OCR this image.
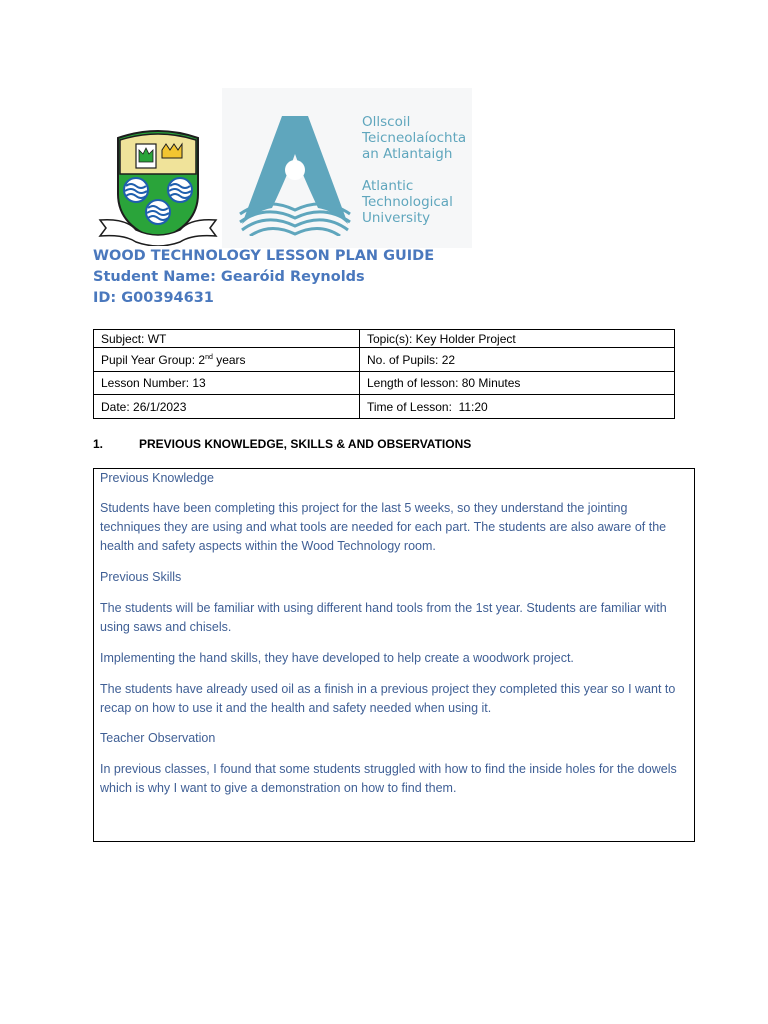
Ollscoil
Teicneolaíochta
an Atlantaigh
Atlantic
Technological
University
WOOD TECHNOLOGY LESSON PLAN GUIDE
Student Name: Gearóid Reynolds
ID: G00394631
Subject: WT	Topic(s): Key Holder Project
Pupil Year Group: 2nd years	No. of Pupils: 22
Lesson Number: 13	Length of lesson: 80 Minutes
Date: 26/1/2023	Time of Lesson:  11:20
1.	PREVIOUS KNOWLEDGE, SKILLS & AND OBSERVATIONS

Previous Knowledge

Students have been completing this project for the last 5 weeks, so they understand the jointing techniques they are using and what tools are needed for each part. The students are also aware of the health and safety aspects within the Wood Technology room.

Previous Skills

The students will be familiar with using different hand tools from the 1st year. Students are familiar with using saws and chisels.

Implementing the hand skills, they have developed to help create a woodwork project.

The students have already used oil as a finish in a previous project they completed this year so I want to recap on how to use it and the health and safety needed when using it.

Teacher Observation

In previous classes, I found that some students struggled with how to find the inside holes for the dowels which is why I want to give a demonstration on how to find them.
